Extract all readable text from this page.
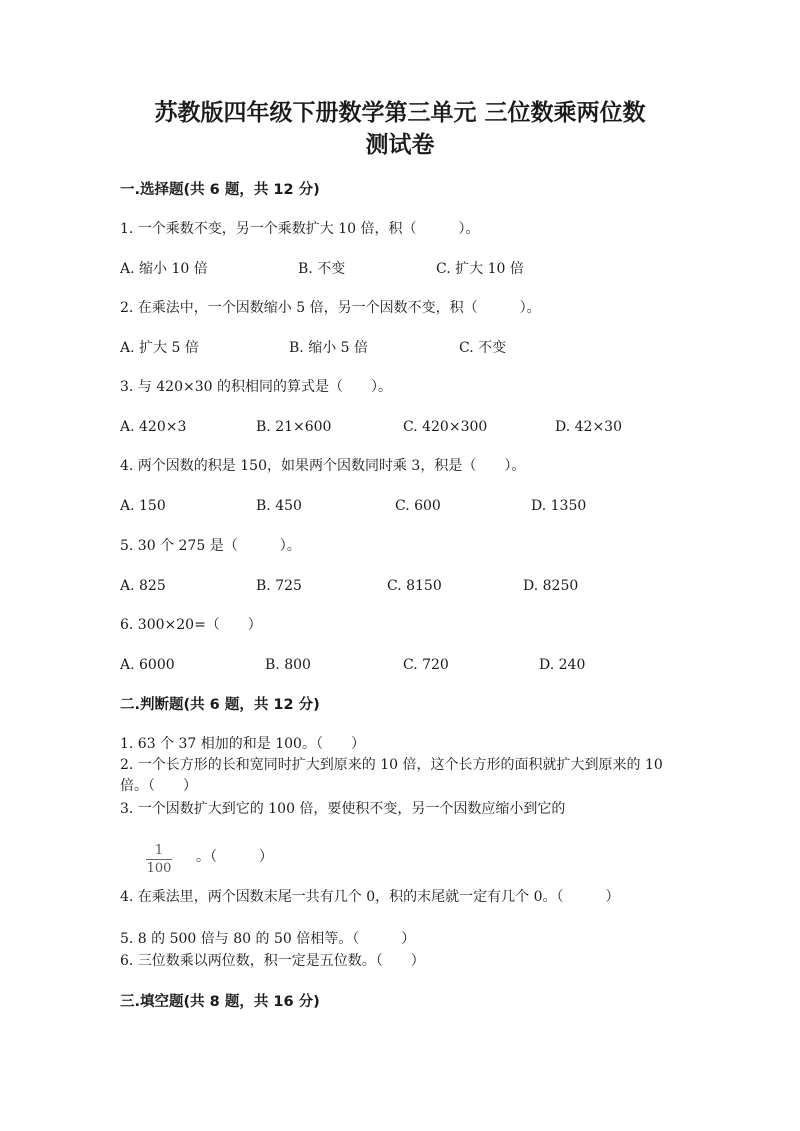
苏教版四年级下册数学第三单元 三位数乘两位数
测试卷
一.选择题(共 6 题，共 12 分)
1. 一个乘数不变，另一个乘数扩大 10 倍，积（　　　）。
A. 缩小 10 倍	B. 不变	C. 扩大 10 倍
2. 在乘法中，一个因数缩小 5 倍，另一个因数不变，积（　　　）。
A. 扩大 5 倍	B. 缩小 5 倍	C. 不变
3. 与 420×30 的积相同的算式是（　　）。
A. 420×3	B. 21×600	C. 420×300	D. 42×30
4. 两个因数的积是 150，如果两个因数同时乘 3，积是（　　）。
A. 150	B. 450	C. 600	D. 1350
5. 30 个 275 是（　　　）。
A. 825	B. 725	C. 8150	D. 8250
6. 300×20=（　　）
A. 6000	B. 800	C. 720	D. 240
二.判断题(共 6 题，共 12 分)
1. 63 个 37 相加的和是 100。（　　）
2. 一个长方形的长和宽同时扩大到原来的 10 倍，这个长方形的面积就扩大到原来的 10 倍。（　　）
3. 一个因数扩大到它的 100 倍，要使积不变，另一个因数应缩小到它的
1
100
。（　　　）
4. 在乘法里，两个因数末尾一共有几个 0，积的末尾就一定有几个 0。（　　　）
5. 8 的 500 倍与 80 的 50 倍相等。（　　　）
6. 三位数乘以两位数，积一定是五位数。（　　）
三.填空题(共 8 题，共 16 分)
